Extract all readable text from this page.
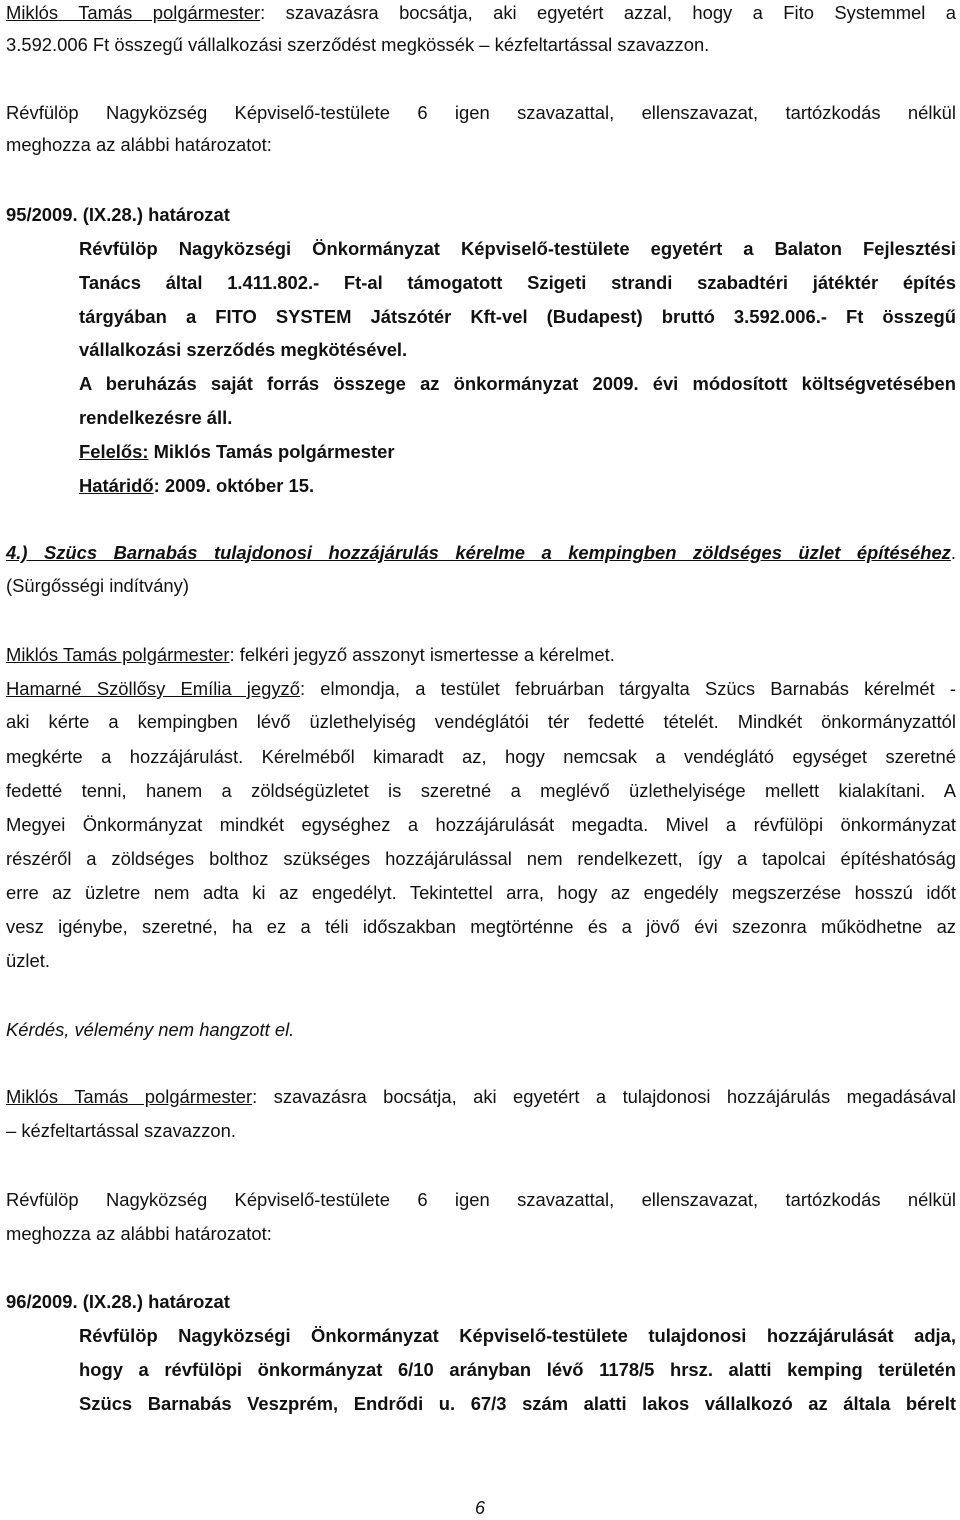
Miklós Tamás polgármester: szavazásra bocsátja, aki egyetért azzal, hogy a Fito Systemmel a
3.592.006 Ft összegű vállalkozási szerződést megkössék – kézfeltartással szavazzon.
Révfülöp Nagyközség Képviselő-testülete 6 igen szavazattal, ellenszavazat, tartózkodás nélkül
meghozza az alábbi határozatot:
95/2009. (IX.28.) határozat
Révfülöp Nagyközségi Önkormányzat Képviselő-testülete egyetért a Balaton Fejlesztési
Tanács által 1.411.802.- Ft-al támogatott Szigeti strandi szabadtéri játéktér építés
tárgyában a FITO SYSTEM Játszótér Kft-vel (Budapest) bruttó 3.592.006.- Ft összegű
vállalkozási szerződés megkötésével.
A beruházás saját forrás összege az önkormányzat 2009. évi módosított költségvetésében
rendelkezésre áll.
Felelős: Miklós Tamás polgármester
Határidő: 2009. október 15.
4.) Szücs Barnabás tulajdonosi hozzájárulás kérelme a kempingben zöldséges üzlet építéséhez.
(Sürgősségi indítvány)
Miklós Tamás polgármester: felkéri jegyző asszonyt ismertesse a kérelmet.
Hamarné Szöllősy Emília jegyző: elmondja, a testület februárban tárgyalta Szücs Barnabás kérelmét -
aki kérte a kempingben lévő üzlethelyiség vendéglátói tér fedetté tételét. Mindkét önkormányzattól
megkérte a hozzájárulást. Kérelméből kimaradt az, hogy nemcsak a vendéglátó egységet szeretné
fedetté tenni, hanem a zöldségüzletet is szeretné a meglévő üzlethelyisége mellett kialakítani. A
Megyei Önkormányzat mindkét egységhez a hozzájárulását megadta. Mivel a révfülöpi önkormányzat
részéről a zöldséges bolthoz szükséges hozzájárulással nem rendelkezett, így a tapolcai építéshatóság
erre az üzletre nem adta ki az engedélyt. Tekintettel arra, hogy az engedély megszerzése hosszú időt
vesz igénybe, szeretné, ha ez a téli időszakban megtörténne és a jövő évi szezonra működhetne az
üzlet.
Kérdés, vélemény nem hangzott el.
Miklós Tamás polgármester: szavazásra bocsátja, aki egyetért a tulajdonosi hozzájárulás megadásával
– kézfeltartással szavazzon.
Révfülöp Nagyközség Képviselő-testülete 6 igen szavazattal, ellenszavazat, tartózkodás nélkül
meghozza az alábbi határozatot:
96/2009. (IX.28.) határozat
Révfülöp Nagyközségi Önkormányzat Képviselő-testülete tulajdonosi hozzájárulását adja,
hogy a révfülöpi önkormányzat 6/10 arányban lévő 1178/5 hrsz. alatti kemping területén
Szücs Barnabás Veszprém, Endrődi u. 67/3 szám alatti lakos vállalkozó az általa bérelt
6
